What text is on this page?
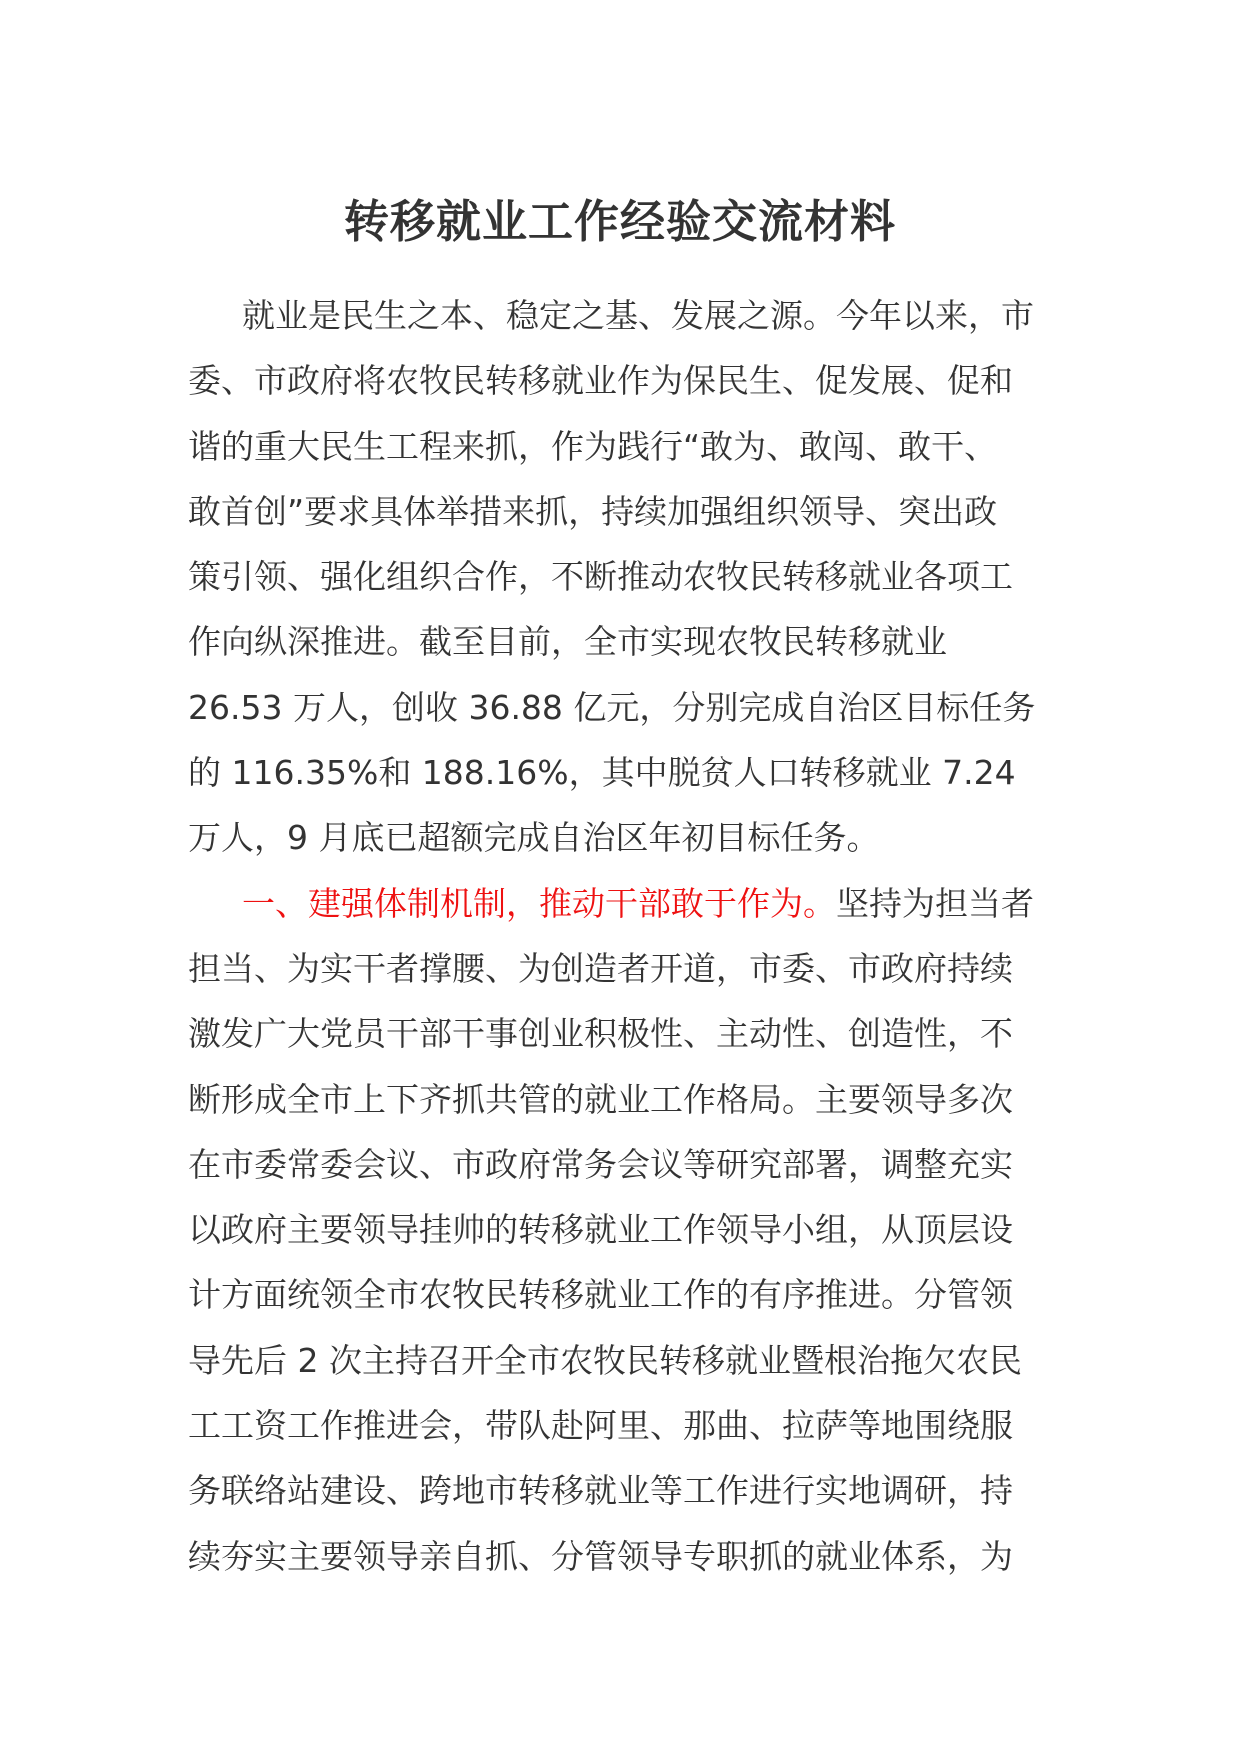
转移就业工作经验交流材料

就业是民生之本、稳定之基、发展之源。今年以来，市
委、市政府将农牧民转移就业作为保民生、促发展、促和
谐的重大民生工程来抓，作为践行“敢为、敢闯、敢干、
敢首创”要求具体举措来抓，持续加强组织领导、突出政
策引领、强化组织合作，不断推动农牧民转移就业各项工
作向纵深推进。截至目前，全市实现农牧民转移就业
26.53 万人，创收 36.88 亿元，分别完成自治区目标任务
的 116.35%和 188.16%，其中脱贫人口转移就业 7.24
万人，9 月底已超额完成自治区年初目标任务。

一、建强体制机制，推动干部敢于作为。坚持为担当者
担当、为实干者撑腰、为创造者开道，市委、市政府持续
激发广大党员干部干事创业积极性、主动性、创造性，不
断形成全市上下齐抓共管的就业工作格局。主要领导多次
在市委常委会议、市政府常务会议等研究部署，调整充实
以政府主要领导挂帅的转移就业工作领导小组，从顶层设
计方面统领全市农牧民转移就业工作的有序推进。分管领
导先后 2 次主持召开全市农牧民转移就业暨根治拖欠农民
工工资工作推进会，带队赴阿里、那曲、拉萨等地围绕服
务联络站建设、跨地市转移就业等工作进行实地调研，持
续夯实主要领导亲自抓、分管领导专职抓的就业体系，为
